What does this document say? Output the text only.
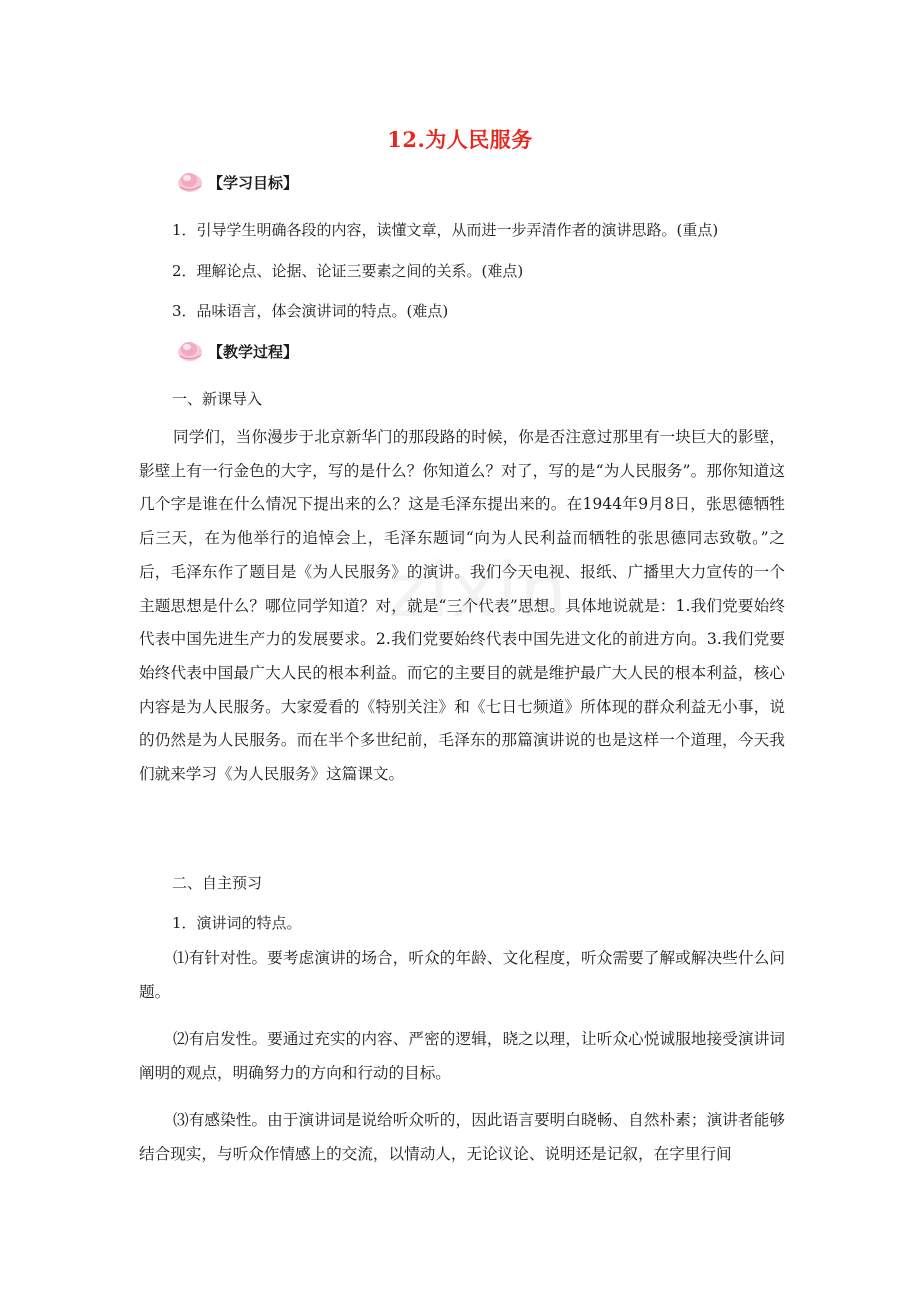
zixin
12.为人民服务
【学习目标】
1．引导学生明确各段的内容，读懂文章，从而进一步弄清作者的演讲思路。(重点)
2．理解论点、论据、论证三要素之间的关系。(难点)
3．品味语言，体会演讲词的特点。(难点)
【教学过程】
一、新课导入

同学们，当你漫步于北京新华门的那段路的时候，你是否注意过那里有一块巨大的影壁，影壁上有一行金色的大字，写的是什么？你知道么？对了，写的是“为人民服务”。那你知道这几个字是谁在什么情况下提出来的么？这是毛泽东提出来的。在1944年9月8日，张思德牺牲后三天，在为他举行的追悼会上，毛泽东题词“向为人民利益而牺牲的张思德同志致敬。”之后，毛泽东作了题目是《为人民服务》的演讲。我们今天电视、报纸、广播里大力宣传的一个主题思想是什么？哪位同学知道？对，就是“三个代表”思想。具体地说就是：1.我们党要始终代表中国先进生产力的发展要求。2.我们党要始终代表中国先进文化的前进方向。3.我们党要始终代表中国最广大人民的根本利益。而它的主要目的就是维护最广大人民的根本利益，核心内容是为人民服务。大家爱看的《特别关注》和《七日七频道》所体现的群众利益无小事，说的仍然是为人民服务。而在半个多世纪前，毛泽东的那篇演讲说的也是这样一个道理，今天我们就来学习《为人民服务》这篇课文。

二、自主预习
1．演讲词的特点。

⑴有针对性。要考虑演讲的场合，听众的年龄、文化程度，听众需要了解或解决些什么问题。

⑵有启发性。要通过充实的内容、严密的逻辑，晓之以理，让听众心悦诚服地接受演讲词阐明的观点，明确努力的方向和行动的目标。

⑶有感染性。由于演讲词是说给听众听的，因此语言要明白晓畅、自然朴素；演讲者能够结合现实，与听众作情感上的交流，以情动人，无论议论、说明还是记叙，在字里行间
